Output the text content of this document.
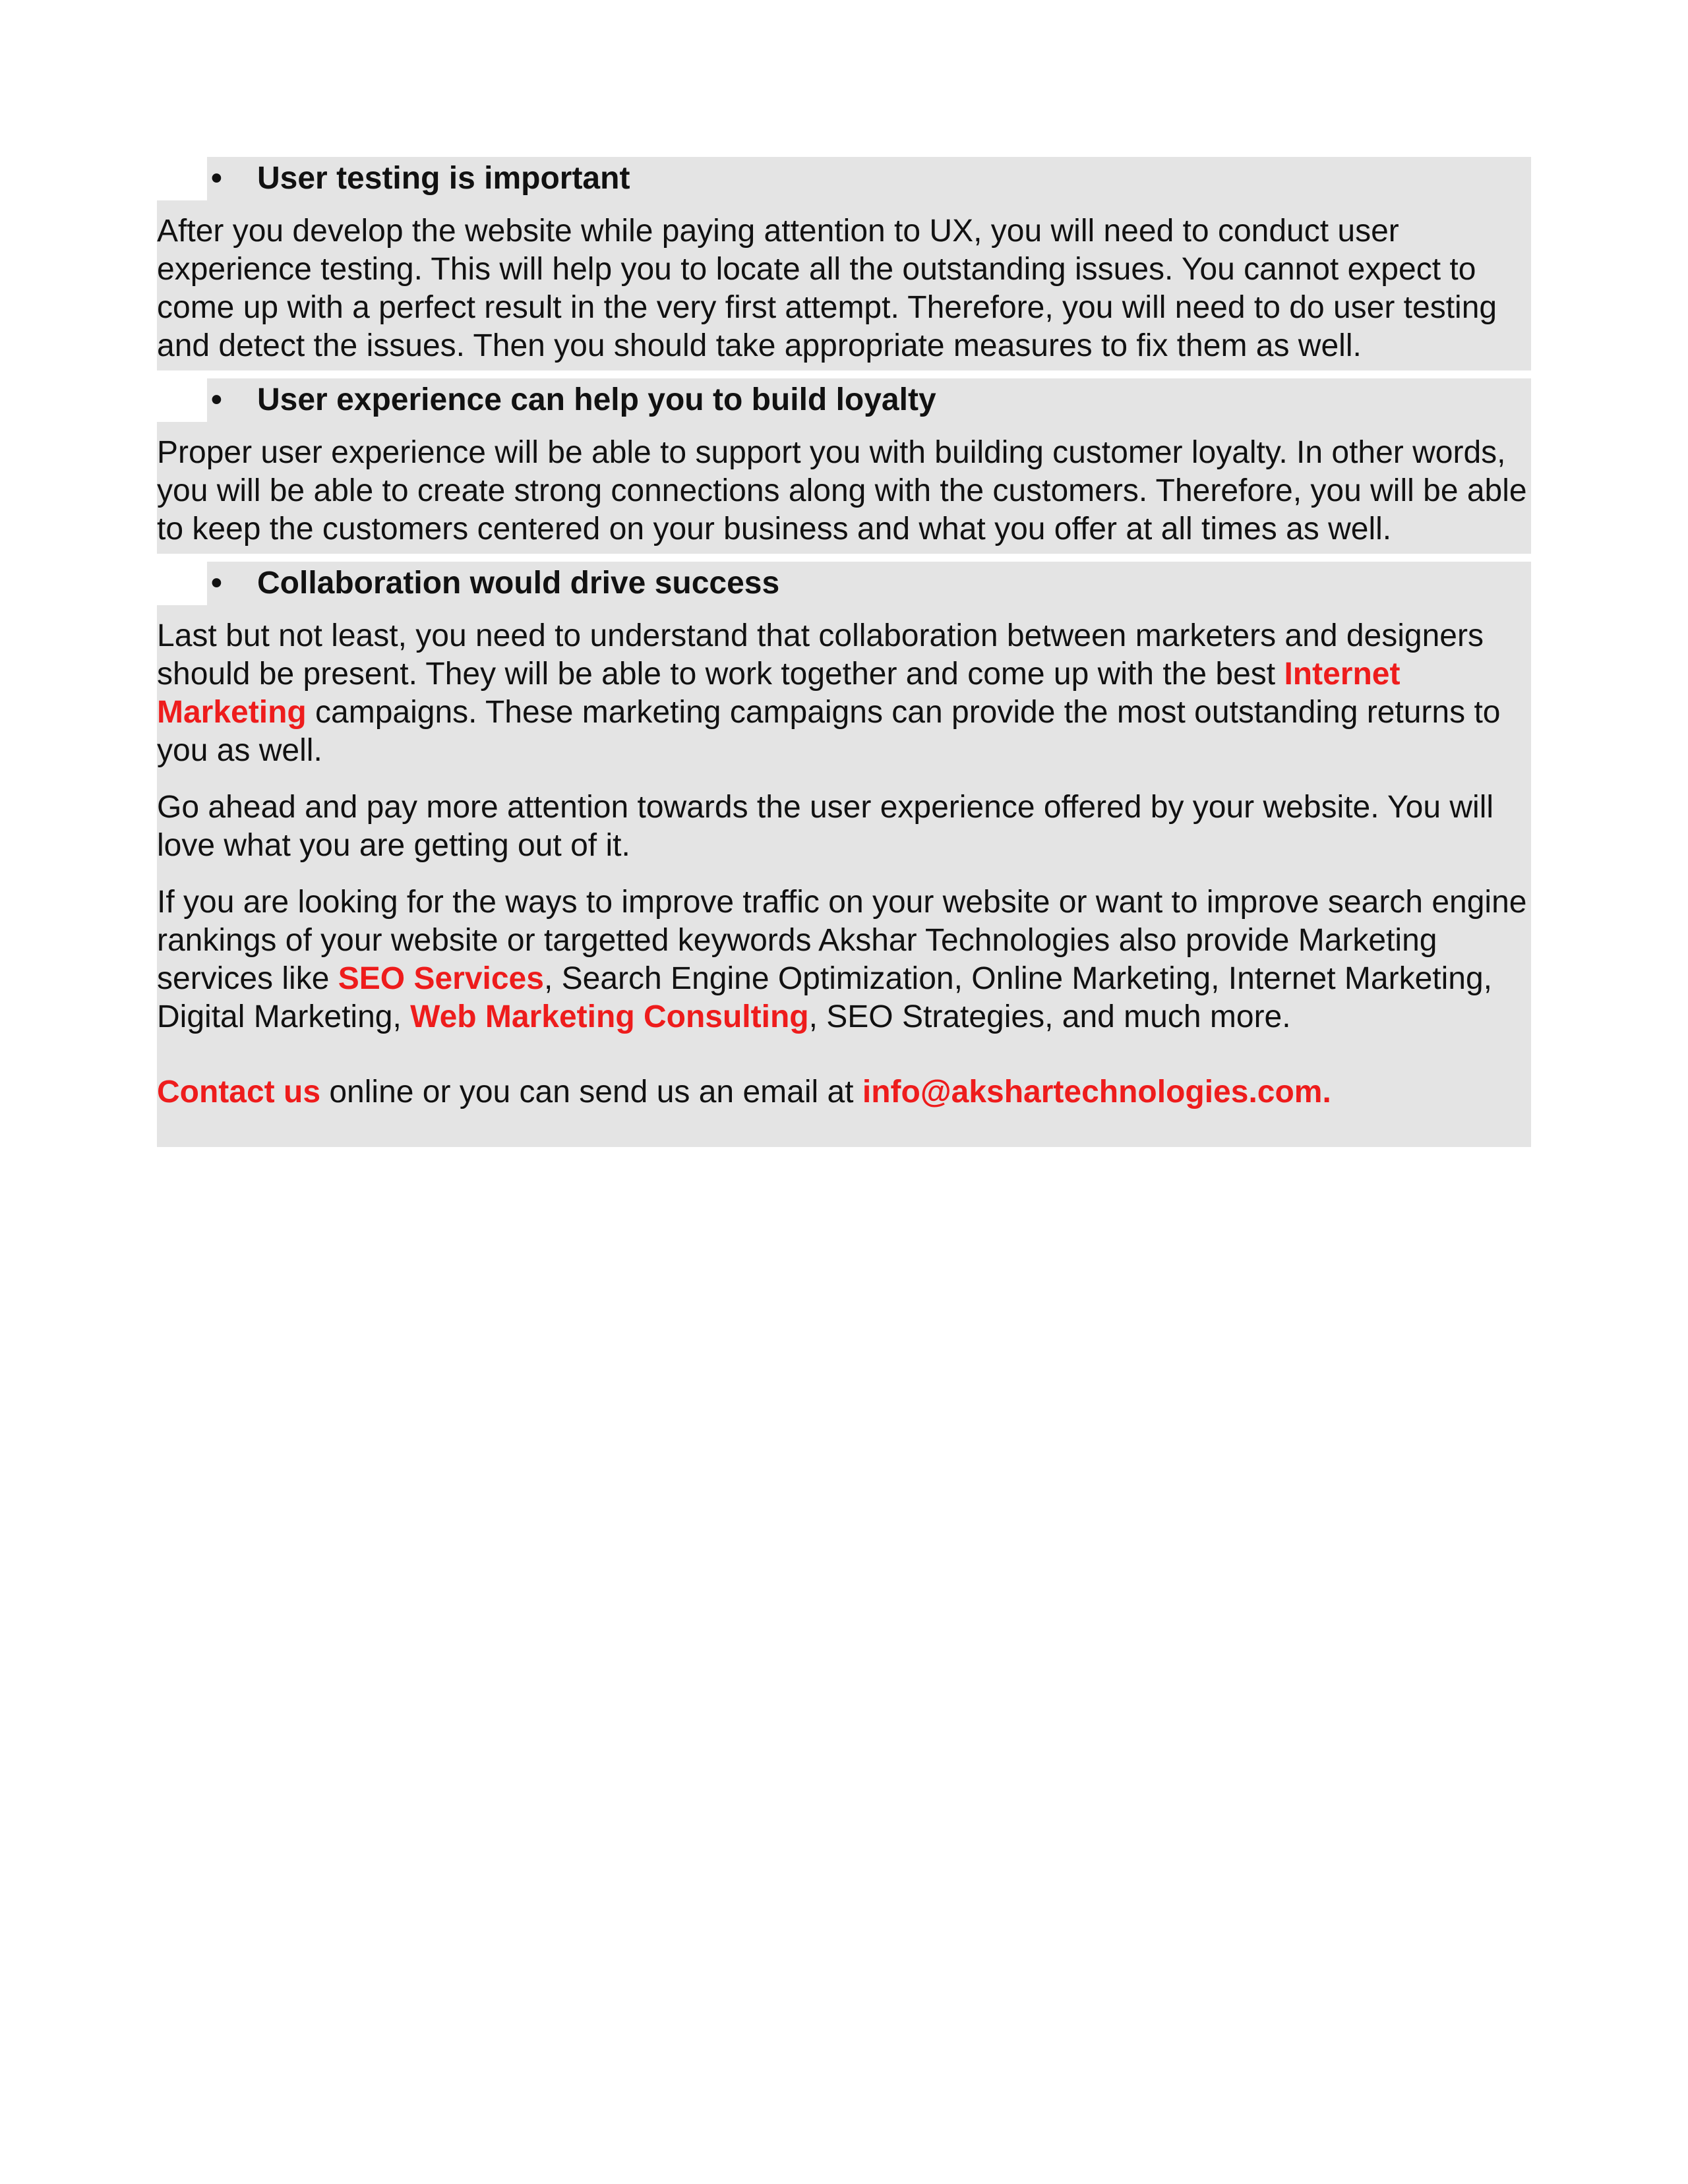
•	User testing is important

After you develop the website while paying attention to UX, you will need to conduct user experience testing. This will help you to locate all the outstanding issues. You cannot expect to come up with a perfect result in the very first attempt. Therefore, you will need to do user testing and detect the issues. Then you should take appropriate measures to fix them as well.

•	User experience can help you to build loyalty

Proper user experience will be able to support you with building customer loyalty. In other words, you will be able to create strong connections along with the customers. Therefore, you will be able to keep the customers centered on your business and what you offer at all times as well.

•	Collaboration would drive success

Last but not least, you need to understand that collaboration between marketers and designers should be present. They will be able to work together and come up with the best Internet Marketing campaigns. These marketing campaigns can provide the most outstanding returns to you as well.

Go ahead and pay more attention towards the user experience offered by your website. You will love what you are getting out of it.

If you are looking for the ways to improve traffic on your website or want to improve search engine rankings of your website or targetted keywords Akshar Technologies also provide Marketing services like SEO Services, Search Engine Optimization, Online Marketing, Internet Marketing, Digital Marketing, Web Marketing Consulting, SEO Strategies, and much more.

Contact us online or you can send us an email at info@akshartechnologies.com.
